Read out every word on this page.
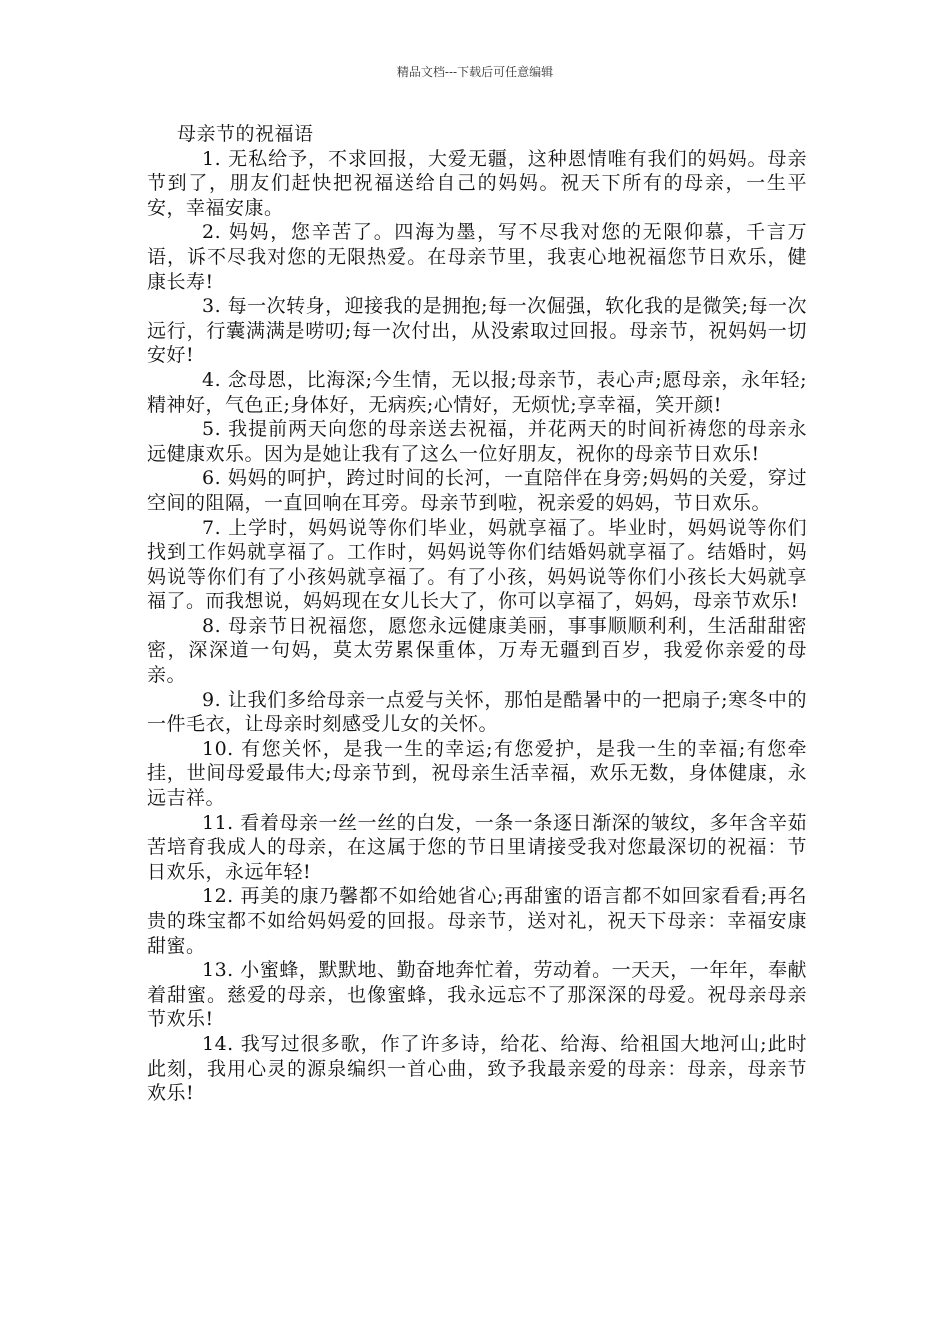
精品文档---下载后可任意编辑
母亲节的祝福语

1. 无私给予，不求回报，大爱无疆，这种恩情唯有我们的妈妈。母亲节到了，朋友们赶快把祝福送给自己的妈妈。祝天下所有的母亲，一生平安，幸福安康。

2. 妈妈，您辛苦了。四海为墨，写不尽我对您的无限仰慕，千言万语，诉不尽我对您的无限热爱。在母亲节里，我衷心地祝福您节日欢乐，健康长寿!

3. 每一次转身，迎接我的是拥抱;每一次倔强，软化我的是微笑;每一次远行，行囊满满是唠叨;每一次付出，从没索取过回报。母亲节，祝妈妈一切安好!

4. 念母恩，比海深;今生情，无以报;母亲节，表心声;愿母亲，永年轻;精神好，气色正;身体好，无病疾;心情好，无烦忧;享幸福，笑开颜!

5. 我提前两天向您的母亲送去祝福，并花两天的时间祈祷您的母亲永远健康欢乐。因为是她让我有了这么一位好朋友，祝你的母亲节日欢乐!

6. 妈妈的呵护，跨过时间的长河，一直陪伴在身旁;妈妈的关爱，穿过空间的阻隔，一直回响在耳旁。母亲节到啦，祝亲爱的妈妈，节日欢乐。

7. 上学时，妈妈说等你们毕业，妈就享福了。毕业时，妈妈说等你们找到工作妈就享福了。工作时，妈妈说等你们结婚妈就享福了。结婚时，妈妈说等你们有了小孩妈就享福了。有了小孩，妈妈说等你们小孩长大妈就享福了。而我想说，妈妈现在女儿长大了，你可以享福了，妈妈，母亲节欢乐!

8. 母亲节日祝福您，愿您永远健康美丽，事事顺顺利利，生活甜甜密密，深深道一句妈，莫太劳累保重体，万寿无疆到百岁，我爱你亲爱的母亲。

9. 让我们多给母亲一点爱与关怀，那怕是酷暑中的一把扇子;寒冬中的一件毛衣，让母亲时刻感受儿女的关怀。

10. 有您关怀，是我一生的幸运;有您爱护，是我一生的幸福;有您牵挂，世间母爱最伟大;母亲节到，祝母亲生活幸福，欢乐无数，身体健康，永远吉祥。

11. 看着母亲一丝一丝的白发，一条一条逐日渐深的皱纹，多年含辛茹苦培育我成人的母亲，在这属于您的节日里请接受我对您最深切的祝福：节日欢乐，永远年轻!

12. 再美的康乃馨都不如给她省心;再甜蜜的语言都不如回家看看;再名贵的珠宝都不如给妈妈爱的回报。母亲节，送对礼，祝天下母亲：幸福安康甜蜜。

13. 小蜜蜂，默默地、勤奋地奔忙着，劳动着。一天天，一年年，奉献着甜蜜。慈爱的母亲，也像蜜蜂，我永远忘不了那深深的母爱。祝母亲母亲节欢乐!

14. 我写过很多歌，作了许多诗，给花、给海、给祖国大地河山;此时此刻，我用心灵的源泉编织一首心曲，致予我最亲爱的母亲：母亲，母亲节欢乐!
